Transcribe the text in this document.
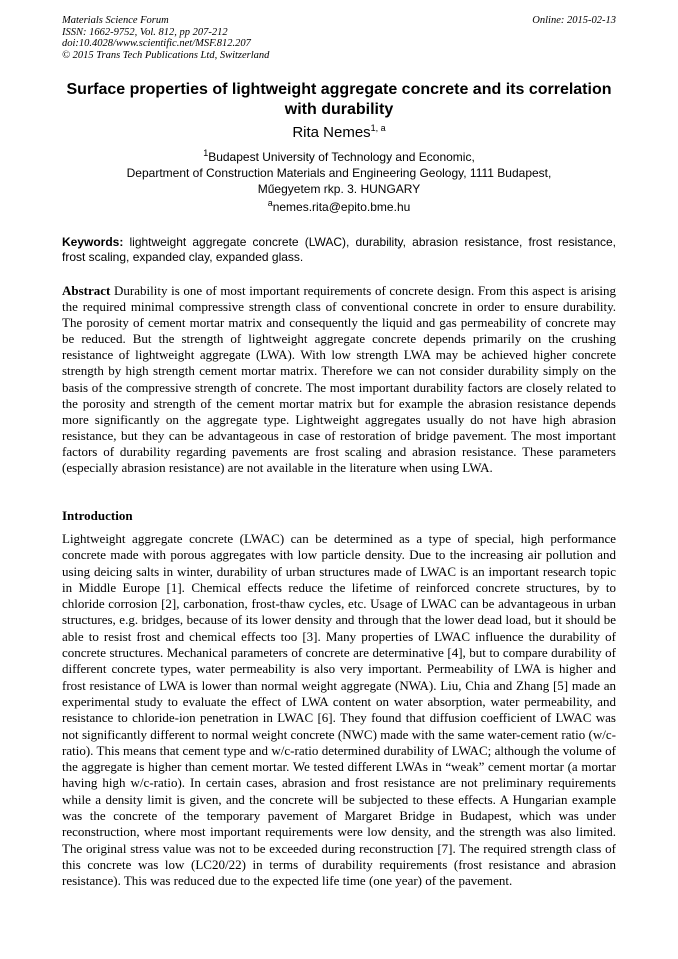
Materials Science Forum
ISSN: 1662-9752, Vol. 812, pp 207-212
doi:10.4028/www.scientific.net/MSF.812.207
© 2015 Trans Tech Publications Ltd, Switzerland
Online: 2015-02-13
Surface properties of lightweight aggregate concrete and its correlation with durability
Rita Nemes$^{1, a}$
$^1$Budapest University of Technology and Economic,
Department of Construction Materials and Engineering Geology, 1111 Budapest,
Műegyetem rkp. 3. HUNGARY
$^a$nemes.rita@epito.bme.hu
Keywords: lightweight aggregate concrete (LWAC), durability, abrasion resistance, frost resistance, frost scaling, expanded clay, expanded glass.
Abstract Durability is one of most important requirements of concrete design. From this aspect is arising the required minimal compressive strength class of conventional concrete in order to ensure durability. The porosity of cement mortar matrix and consequently the liquid and gas permeability of concrete may be reduced. But the strength of lightweight aggregate concrete depends primarily on the crushing resistance of lightweight aggregate (LWA). With low strength LWA may be achieved higher concrete strength by high strength cement mortar matrix. Therefore we can not consider durability simply on the basis of the compressive strength of concrete. The most important durability factors are closely related to the porosity and strength of the cement mortar matrix but for example the abrasion resistance depends more significantly on the aggregate type. Lightweight aggregates usually do not have high abrasion resistance, but they can be advantageous in case of restoration of bridge pavement. The most important factors of durability regarding pavements are frost scaling and abrasion resistance. These parameters (especially abrasion resistance) are not available in the literature when using LWA.
Introduction
Lightweight aggregate concrete (LWAC) can be determined as a type of special, high performance concrete made with porous aggregates with low particle density. Due to the increasing air pollution and using deicing salts in winter, durability of urban structures made of LWAC is an important research topic in Middle Europe [1]. Chemical effects reduce the lifetime of reinforced concrete structures, by to chloride corrosion [2], carbonation, frost-thaw cycles, etc. Usage of LWAC can be advantageous in urban structures, e.g. bridges, because of its lower density and through that the lower dead load, but it should be able to resist frost and chemical effects too [3]. Many properties of LWAC influence the durability of concrete structures. Mechanical parameters of concrete are determinative [4], but to compare durability of different concrete types, water permeability is also very important. Permeability of LWA is higher and frost resistance of LWA is lower than normal weight aggregate (NWA). Liu, Chia and Zhang [5] made an experimental study to evaluate the effect of LWA content on water absorption, water permeability, and resistance to chloride-ion penetration in LWAC [6]. They found that diffusion coefficient of LWAC was not significantly different to normal weight concrete (NWC) made with the same water-cement ratio (w/c-ratio). This means that cement type and w/c-ratio determined durability of LWAC; although the volume of the aggregate is higher than cement mortar. We tested different LWAs in “weak” cement mortar (a mortar having high w/c-ratio). In certain cases, abrasion and frost resistance are not preliminary requirements while a density limit is given, and the concrete will be subjected to these effects. A Hungarian example was the concrete of the temporary pavement of Margaret Bridge in Budapest, which was under reconstruction, where most important requirements were low density, and the strength was also limited. The original stress value was not to be exceeded during reconstruction [7]. The required strength class of this concrete was low (LC20/22) in terms of durability requirements (frost resistance and abrasion resistance). This was reduced due to the expected life time (one year) of the pavement.
